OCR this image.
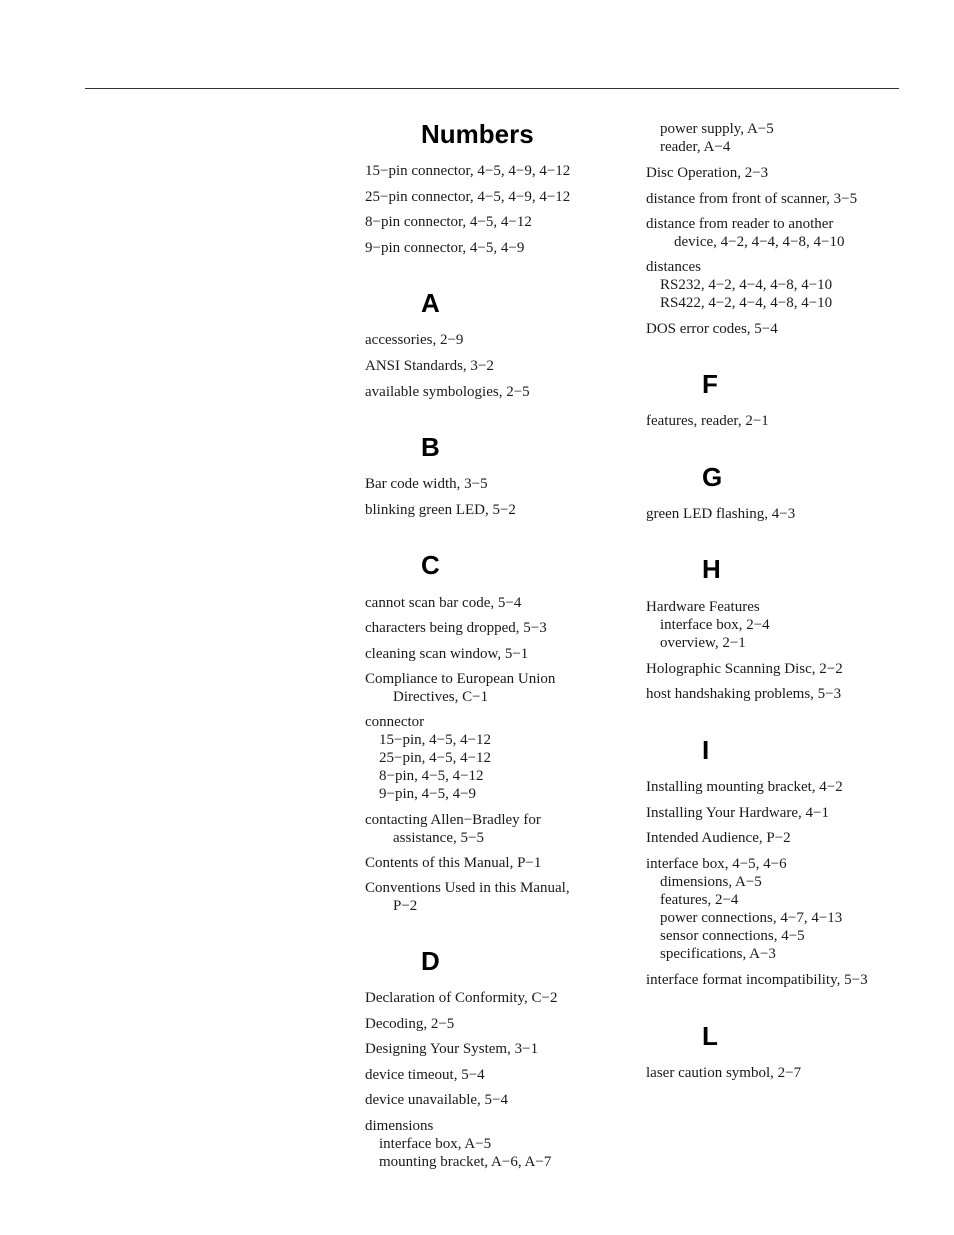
Numbers
15−pin connector, 4−5, 4−9, 4−12
25−pin connector, 4−5, 4−9, 4−12
8−pin connector, 4−5, 4−12
9−pin connector, 4−5, 4−9
A
accessories, 2−9
ANSI Standards, 3−2
available symbologies, 2−5
B
Bar code width, 3−5
blinking green LED, 5−2
C
cannot scan bar code, 5−4
characters being dropped, 5−3
cleaning scan window, 5−1
Compliance to European Union
Directives, C−1
connector
15−pin, 4−5, 4−12
25−pin, 4−5, 4−12
8−pin, 4−5, 4−12
9−pin, 4−5, 4−9
contacting Allen−Bradley for
assistance, 5−5
Contents of this Manual, P−1
Conventions Used in this Manual,
P−2
D
Declaration of Conformity, C−2
Decoding, 2−5
Designing Your System, 3−1
device timeout, 5−4
device unavailable, 5−4
dimensions
interface box, A−5
mounting bracket, A−6, A−7
power supply, A−5
reader, A−4
Disc Operation, 2−3
distance from front of scanner, 3−5
distance from reader to another
device, 4−2, 4−4, 4−8, 4−10
distances
RS232, 4−2, 4−4, 4−8, 4−10
RS422, 4−2, 4−4, 4−8, 4−10
DOS error codes, 5−4
F
features, reader, 2−1
G
green LED flashing, 4−3
H
Hardware Features
interface box, 2−4
overview, 2−1
Holographic Scanning Disc, 2−2
host handshaking problems, 5−3
I
Installing mounting bracket, 4−2
Installing Your Hardware, 4−1
Intended Audience, P−2
interface box, 4−5, 4−6
dimensions, A−5
features, 2−4
power connections, 4−7, 4−13
sensor connections, 4−5
specifications, A−3
interface format incompatibility, 5−3
L
laser caution symbol, 2−7
